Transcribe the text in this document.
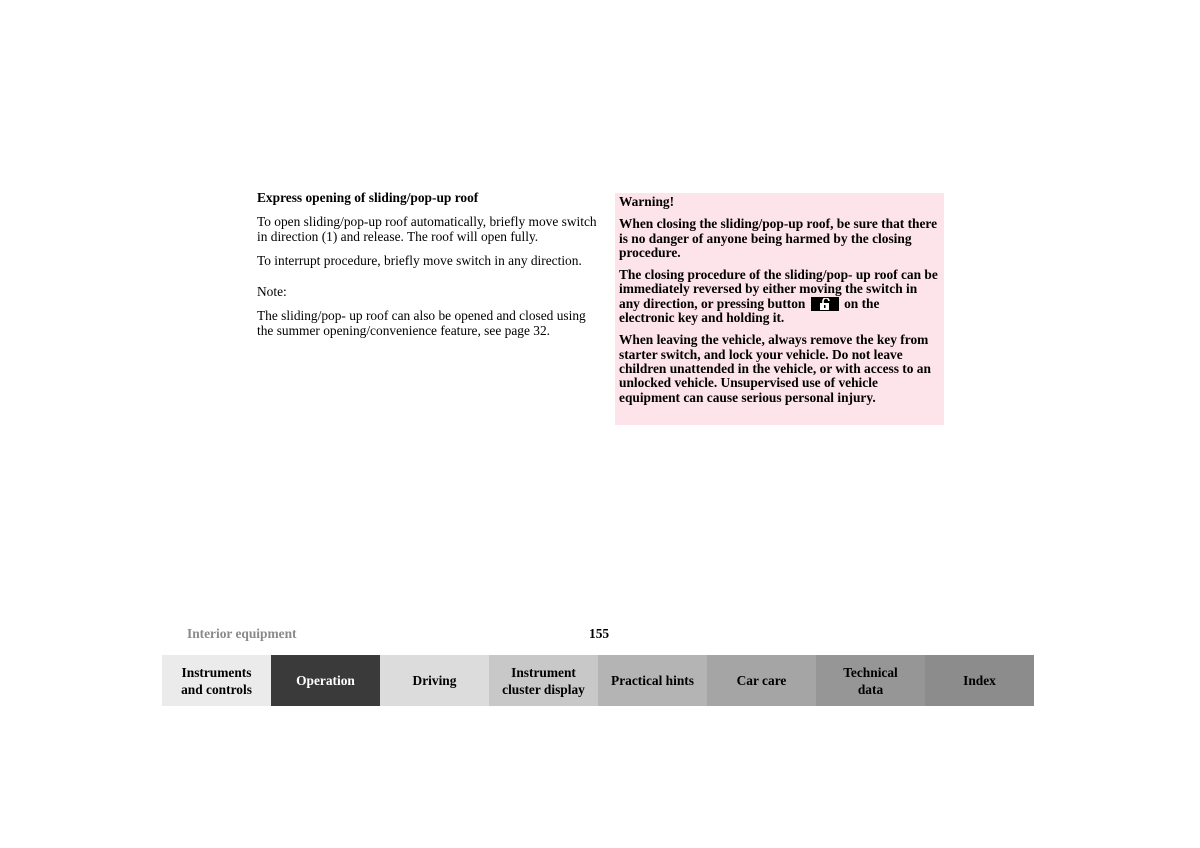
Express opening of sliding/pop-up roof

To open sliding/pop-up roof automatically, briefly move switch in direction (1) and release. The roof will open fully.

To interrupt procedure, briefly move switch in any direction.

Note:

The sliding/pop- up roof can also be opened and closed using the summer opening/convenience feature, see page 32.

Warning!

When closing the sliding/pop-up roof, be sure that there is no danger of anyone being harmed by the closing procedure.

The closing procedure of the sliding/pop- up roof can be immediately reversed by either moving the switch in any direction, or pressing button	on the electronic key and holding it.

When leaving the vehicle, always remove the key from starter switch, and lock your vehicle. Do not leave children unattended in the vehicle, or with access to an unlocked vehicle. Unsupervised use of vehicle equipment can cause serious personal injury.

Interior equipment	155
Instruments
and controls
Operation	Driving
Instrument
cluster display
Practical hints	Car care
Technical
data
Index
